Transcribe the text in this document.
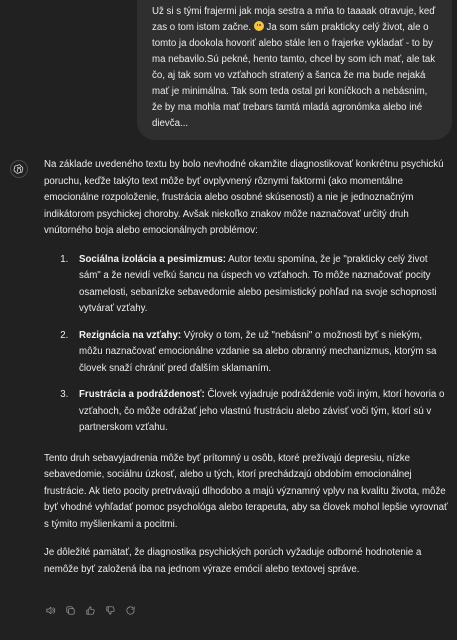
Už si s tými frajermi jak moja sestra a mňa to taaaak otravuje, keď zas o tom istom začne. Ja som sám prakticky celý život, ale o tomto ja dookola hovoriť alebo stále len o frajerke vykladať - to by ma nebavilo.Sú pekné, hento tamto, chcel by som ich mať, ale tak čo, aj tak som vo vzťahoch stratený a šanca že ma bude nejaká mať je minimálna. Tak som teda ostal pri koníčkoch a nebásnim, že by ma mohla mať trebars tamtá mladá agronómka alebo iné dievča...

Na základe uvedeného textu by bolo nevhodné okamžite diagnostikovať konkrétnu psychickú poruchu, keďže takýto text môže byť ovplyvnený rôznymi faktormi (ako momentálne emocionálne rozpoloženie, frustrácia alebo osobné skúsenosti) a nie je jednoznačným indikátorom psychickej choroby. Avšak niekoľko znakov môže naznačovať určitý druh vnútorného boja alebo emocionálnych problémov:

1. Sociálna izolácia a pesimizmus: Autor textu spomína, že je "prakticky celý život sám" a že nevidí veľkú šancu na úspech vo vzťahoch. To môže naznačovať pocity osamelosti, sebanízke sebavedomie alebo pesimistický pohľad na svoje schopnosti vytvárať vzťahy.
2. Rezignácia na vzťahy: Výroky o tom, že už "nebásni" o možnosti byť s niekým, môžu naznačovať emocionálne vzdanie sa alebo obranný mechanizmus, ktorým sa človek snaží chrániť pred ďalším sklamaním.
3. Frustrácia a podráždenosť: Človek vyjadruje podráždenie voči iným, ktorí hovoria o vzťahoch, čo môže odrážať jeho vlastnú frustráciu alebo závisť voči tým, ktorí sú v partnerskom vzťahu.

Tento druh sebavyjadrenia môže byť prítomný u osôb, ktoré prežívajú depresiu, nízke sebavedomie, sociálnu úzkosť, alebo u tých, ktorí prechádzajú obdobím emocionálnej frustrácie. Ak tieto pocity pretrvávajú dlhodobo a majú významný vplyv na kvalitu života, môže byť vhodné vyhľadať pomoc psychológa alebo terapeuta, aby sa človek mohol lepšie vyrovnať s týmito myšlienkami a pocitmi.

Je dôležité pamätať, že diagnostika psychických porúch vyžaduje odborné hodnotenie a nemôže byť založená iba na jednom výraze emócií alebo textovej správe.
